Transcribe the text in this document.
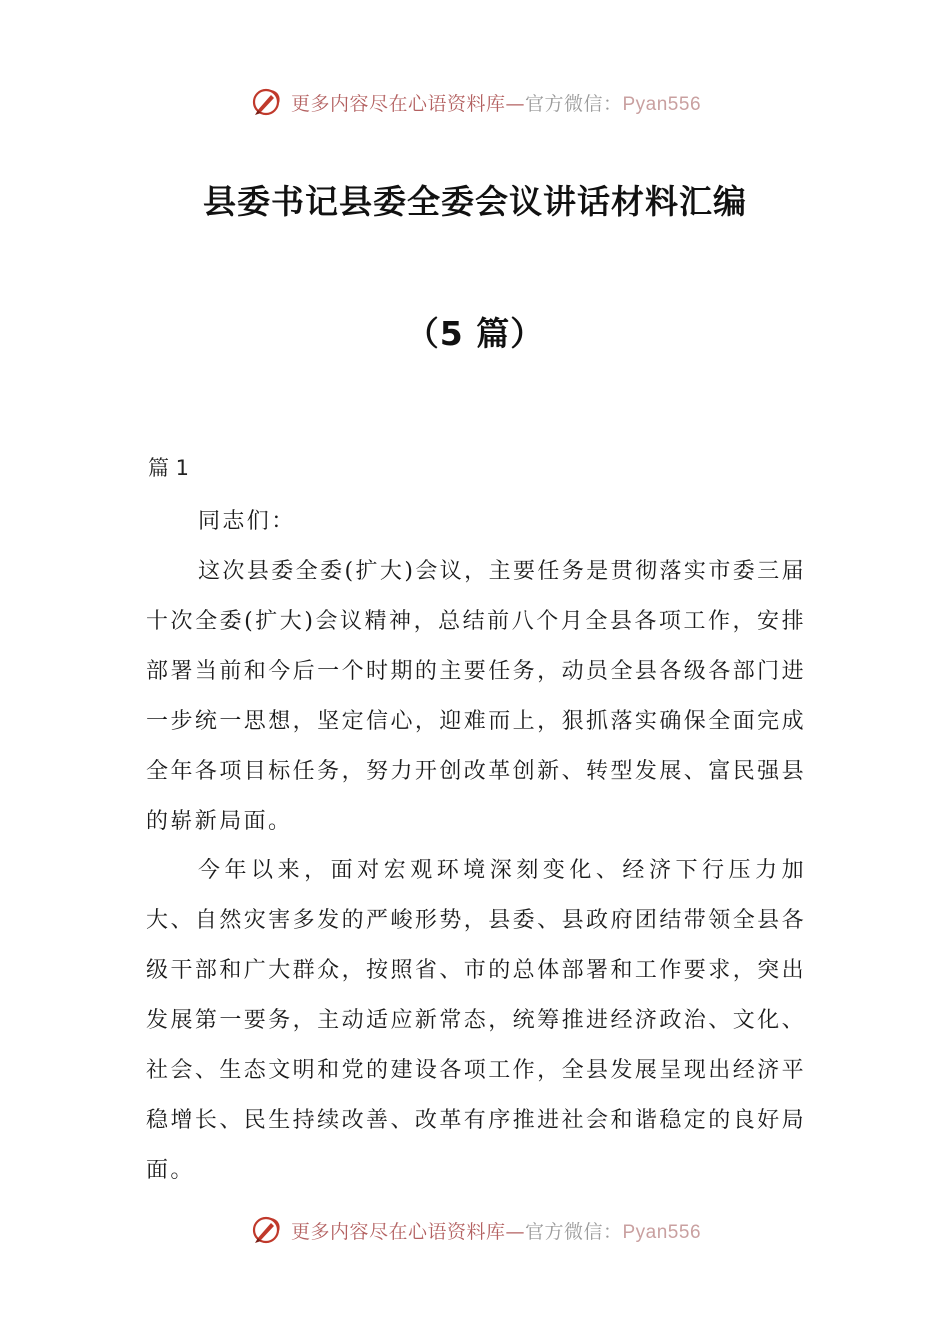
更多内容尽在心语资料库—官方微信：Pyan556
县委书记县委全委会议讲话材料汇编
（5 篇）
篇 1

同志们：

这次县委全委(扩大)会议，主要任务是贯彻落实市委三届十次全委(扩大)会议精神，总结前八个月全县各项工作，安排部署当前和今后一个时期的主要任务，动员全县各级各部门进一步统一思想，坚定信心，迎难而上，狠抓落实确保全面完成全年各项目标任务，努力开创改革创新、转型发展、富民强县的崭新局面。

今年以来，面对宏观环境深刻变化、经济下行压力加大、自然灾害多发的严峻形势，县委、县政府团结带领全县各级干部和广大群众，按照省、市的总体部署和工作要求，突出发展第一要务，主动适应新常态，统筹推进经济政治、文化、社会、生态文明和党的建设各项工作，全县发展呈现出经济平稳增长、民生持续改善、改革有序推进社会和谐稳定的良好局面。

更多内容尽在心语资料库—官方微信：Pyan556
